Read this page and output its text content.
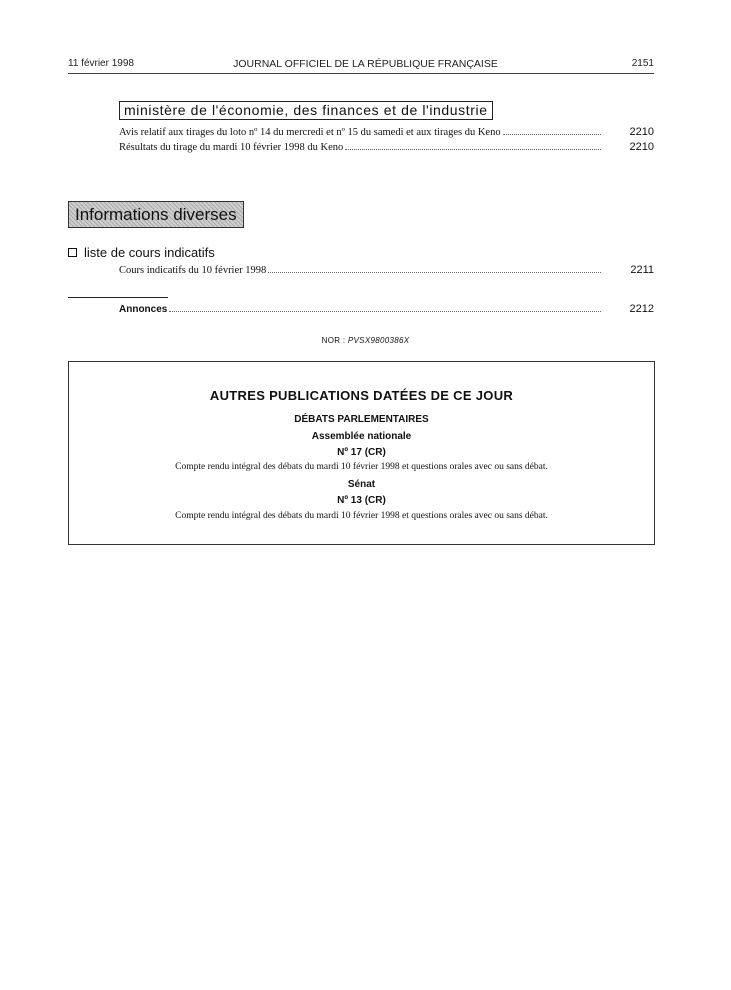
11 février 1998	JOURNAL OFFICIEL DE LA RÉPUBLIQUE FRANÇAISE	2151
ministère de l'économie, des finances et de l'industrie
Avis relatif aux tirages du loto nº 14 du mercredi et nº 15 du samedi et aux tirages du Keno	2210
Résultats du tirage du mardi 10 février 1998 du Keno	2210
Informations diverses
liste de cours indicatifs
Cours indicatifs du 10 février 1998	2211
Annonces	2212
NOR : PVSX9800386X
AUTRES PUBLICATIONS DATÉES DE CE JOUR
DÉBATS PARLEMENTAIRES
Assemblée nationale
Nº 17 (CR)
Compte rendu intégral des débats du mardi 10 février 1998 et questions orales avec ou sans débat.
Sénat
Nº 13 (CR)
Compte rendu intégral des débats du mardi 10 février 1998 et questions orales avec ou sans débat.
